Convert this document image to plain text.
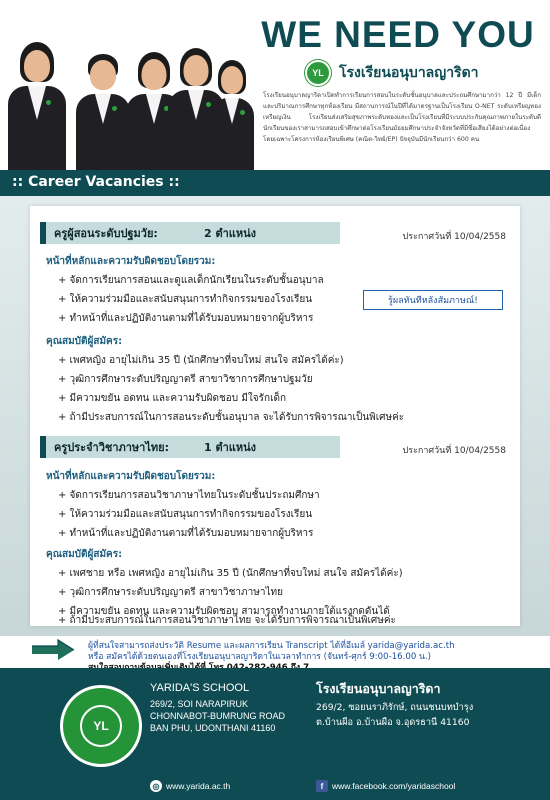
WE NEED YOU
YL	โรงเรียนอนุบาลญาริดา

โรงเรียนอนุบาลญาริดาเปิดทำการเรียนการสอนในระดับชั้นอนุบาลและประถมศึกษามากว่า 12 ปี มีเด็กและปริมาณการศึกษาทุกห้องเรียน มีสถานการณ์ในปีที่ได้มาตรฐานเป็นโรงเรียน O-NET ระดับเหรียญทองเหรียญเงิน โรงเรียนส่งเสริมสุขภาพระดับทองและเป็นโรงเรียนที่มีระบบประกันคุณภาพภายในระดับดี นักเรียนของเราสามารถสอบเข้าศึกษาต่อโรงเรียนมัธยมศึกษาประจำจังหวัดที่มีชื่อเสียงได้อย่างต่อเนื่อง โดยเฉพาะโครงการห้องเรียนพิเศษ (คณิต-วิทย์/EP) ปัจจุบันมีนักเรียนกว่า 600 คน

:: Career Vacancies ::
ครูผู้สอนระดับปฐมวัย:	2 ตำแหน่ง	ประกาศวันที่ 10/04/2558
หน้าที่หลักและความรับผิดชอบโดยรวม:
+ จัดการเรียนการสอนและดูแลเด็กนักเรียนในระดับชั้นอนุบาล
+ ให้ความร่วมมือและสนับสนุนการทำกิจกรรมของโรงเรียน
+ ทำหน้าที่และปฏิบัติงานตามที่ได้รับมอบหมายจากผู้บริหาร
รู้ผลทันทีหลังสัมภาษณ์!
คุณสมบัติผู้สมัคร:
+ เพศหญิง อายุไม่เกิน 35 ปี (นักศึกษาที่จบใหม่ สนใจ สมัครได้ค่ะ)
+ วุฒิการศึกษาระดับปริญญาตรี สาขาวิชาการศึกษาปฐมวัย
+ มีความขยัน อดทน และความรับผิดชอบ มีใจรักเด็ก
+ ถ้ามีประสบการณ์ในการสอนระดับชั้นอนุบาล จะได้รับการพิจารณาเป็นพิเศษค่ะ
ครูประจำวิชาภาษาไทย:	1 ตำแหน่ง	ประกาศวันที่ 10/04/2558
หน้าที่หลักและความรับผิดชอบโดยรวม:
+ จัดการเรียนการสอนวิชาภาษาไทยในระดับชั้นประถมศึกษา
+ ให้ความร่วมมือและสนับสนุนการทำกิจกรรมของโรงเรียน
+ ทำหน้าที่และปฏิบัติงานตามที่ได้รับมอบหมายจากผู้บริหาร
คุณสมบัติผู้สมัคร:
+ เพศชาย หรือ เพศหญิง อายุไม่เกิน 35 ปี (นักศึกษาที่จบใหม่ สนใจ สมัครได้ค่ะ)
+ วุฒิการศึกษาระดับปริญญาตรี สาขาวิชาภาษาไทย
+ มีความขยัน อดทน และความรับผิดชอบ สามารถทำงานภายใต้แรงกดดันได้
+ ถ้ามีประสบการณ์ในการสอนวิชาภาษาไทย จะได้รับการพิจารณาเป็นพิเศษค่ะ
ผู้ที่สนใจสามารถส่งประวัติ Resume และผลการเรียน Transcript ได้ที่อีเมล์ yarida@yarida.ac.th
หรือ สมัครได้ด้วยตนเองที่โรงเรียนอนุบาลญาริดาในเวลาทำการ (จันทร์-ศุกร์ 9:00-16.00 น.)
YL
YARIDA'S SCHOOL
269/2, SOI NARAPIRUK
CHONNABOT-BUMRUNG ROAD
BAN PHU, UDONTHANI 41160
โรงเรียนอนุบาลญาริดา
269/2, ซอยนราภิรักษ์, ถนนชนบทบำรุง
ต.บ้านผือ อ.บ้านผือ จ.อุดรธานี 41160
◎ www.yarida.ac.th	f	www.facebook.com/yaridaschool
